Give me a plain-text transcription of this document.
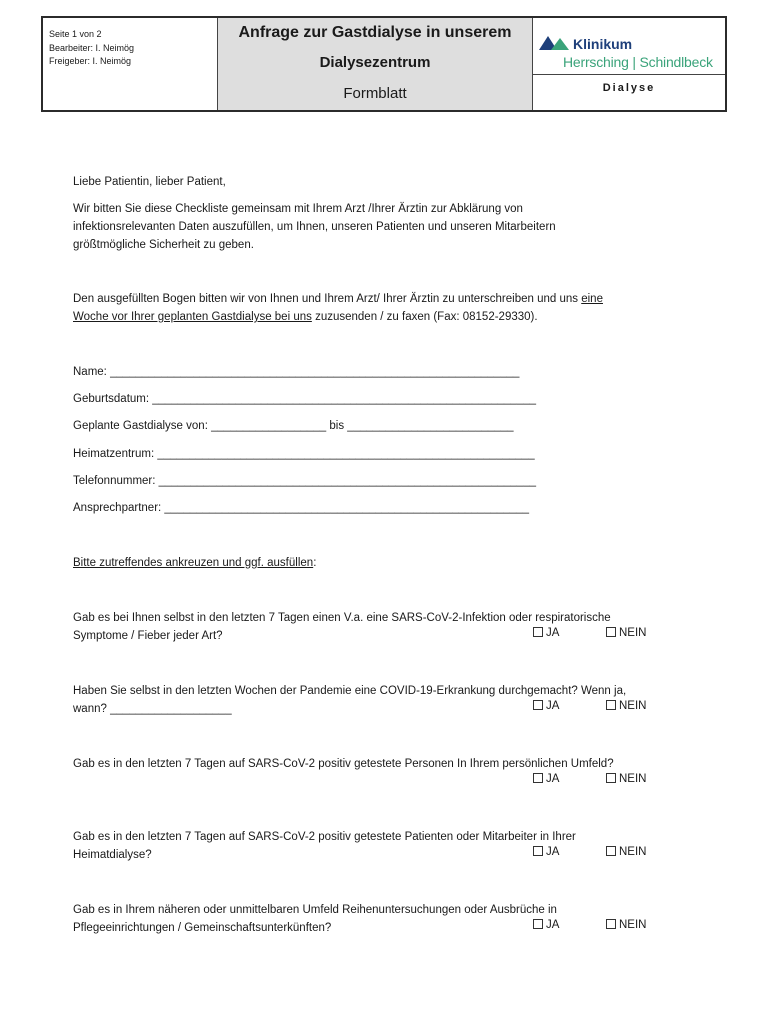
Seite 1 von 2
Bearbeiter: I. Neimög
Freigeber: I. Neimög
Anfrage zur Gastdialyse in unserem
Dialysezentrum
Formblatt
Klinikum
Herrsching | Schindlbeck
Dialyse
Liebe Patientin, lieber Patient,
Wir bitten Sie diese Checkliste gemeinsam mit Ihrem Arzt /Ihrer Ärztin zur Abklärung von
infektionsrelevanten Daten auszufüllen, um Ihnen, unseren Patienten und unseren Mitarbeitern
größtmögliche Sicherheit zu geben.
Den ausgefüllten Bogen bitten wir von Ihnen und Ihrem Arzt/ Ihrer Ärztin zu unterschreiben und uns eine
Woche vor Ihrer geplanten Gastdialyse bei uns zuzusenden / zu faxen (Fax: 08152-29330).
Name: ________________________________________________________________
Geburtsdatum: ____________________________________________________________
Geplante Gastdialyse von: __________________ bis __________________________
Heimatzentrum: ___________________________________________________________
Telefonnummer: ___________________________________________________________
Ansprechpartner: _________________________________________________________
Bitte zutreffendes ankreuzen und ggf. ausfüllen:
Gab es bei Ihnen selbst in den letzten 7 Tagen einen V.a. eine SARS-CoV-2-Infektion oder respiratorische
Symptome / Fieber jeder Art?	JA	NEIN
Haben Sie selbst in den letzten Wochen der Pandemie eine COVID-19-Erkrankung durchgemacht? Wenn ja,
wann? ___________________	JA	NEIN
Gab es in den letzten 7 Tagen auf SARS-CoV-2 positiv getestete Personen In Ihrem persönlichen Umfeld?
JA	NEIN
Gab es in den letzten 7 Tagen auf SARS-CoV-2 positiv getestete Patienten oder Mitarbeiter in Ihrer
Heimatdialyse?	JA	NEIN
Gab es in Ihrem näheren oder unmittelbaren Umfeld Reihenuntersuchungen oder Ausbrüche in
Pflegeeinrichtungen / Gemeinschaftsunterkünften?	JA	NEIN
